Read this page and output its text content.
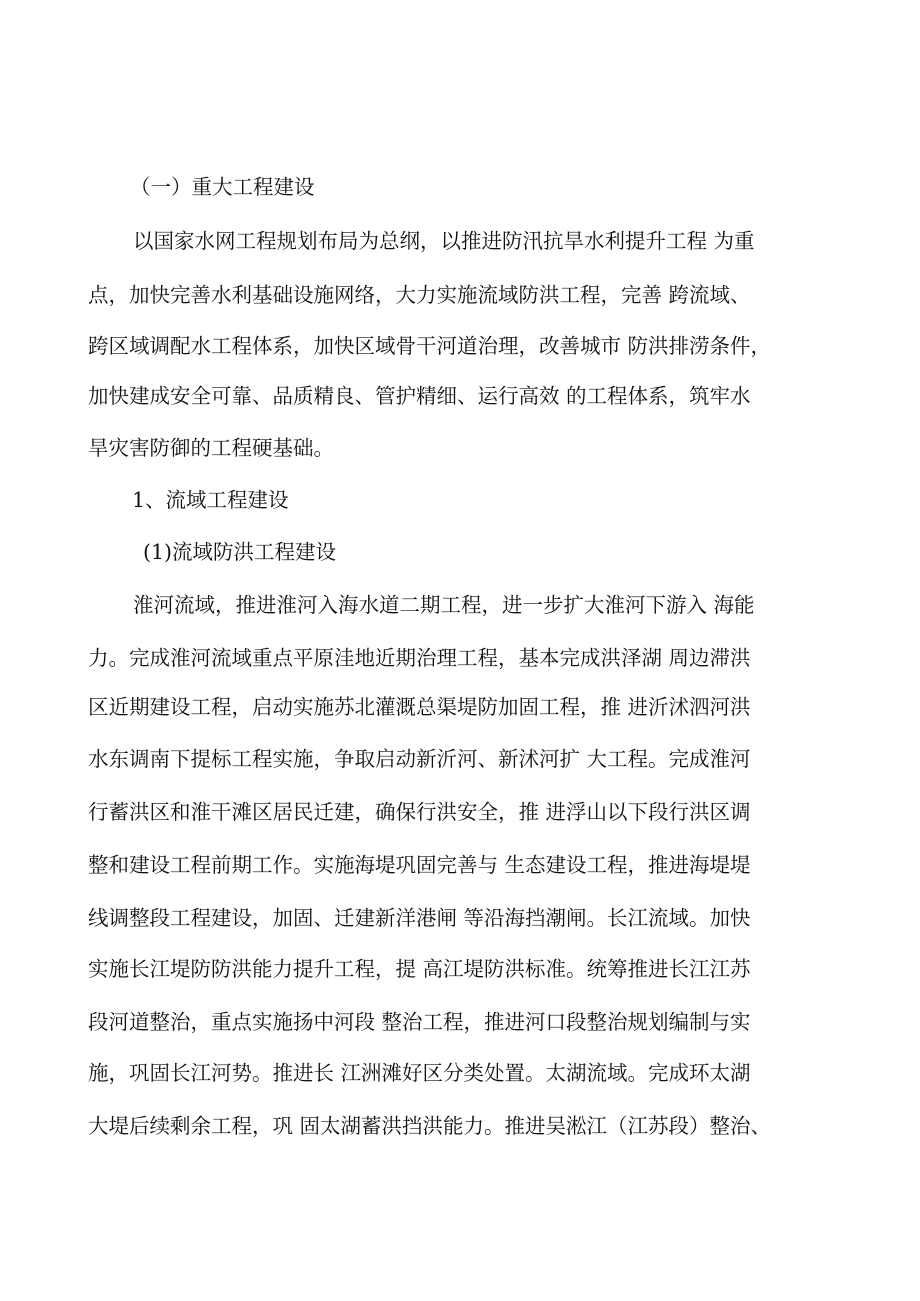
（一）重大工程建设

以国家水网工程规划布局为总纲，以推进防汛抗旱水利提升工程 为重

点，加快完善水利基础设施网络，大力实施流域防洪工程，完善 跨流域、

跨区域调配水工程体系，加快区域骨干河道治理，改善城市 防洪排涝条件，

加快建成安全可靠、品质精良、管护精细、运行高效 的工程体系，筑牢水

旱灾害防御的工程硬基础。

1、流域工程建设

(1)流域防洪工程建设

淮河流域，推进淮河入海水道二期工程，进一步扩大淮河下游入 海能

力。完成淮河流域重点平原洼地近期治理工程，基本完成洪泽湖 周边滞洪

区近期建设工程，启动实施苏北灌溉总渠堤防加固工程，推 进沂沭泗河洪

水东调南下提标工程实施，争取启动新沂河、新沭河扩 大工程。完成淮河

行蓄洪区和淮干滩区居民迁建，确保行洪安全，推 进浮山以下段行洪区调

整和建设工程前期工作。实施海堤巩固完善与 生态建设工程，推进海堤堤

线调整段工程建设，加固、迁建新洋港闸 等沿海挡潮闸。长江流域。加快

实施长江堤防防洪能力提升工程，提 高江堤防洪标准。统筹推进长江江苏

段河道整治，重点实施扬中河段 整治工程，推进河口段整治规划编制与实

施，巩固长江河势。推进长 江洲滩好区分类处置。太湖流域。完成环太湖

大堤后续剩余工程，巩 固太湖蓄洪挡洪能力。推进吴淞江（江苏段）整治、
